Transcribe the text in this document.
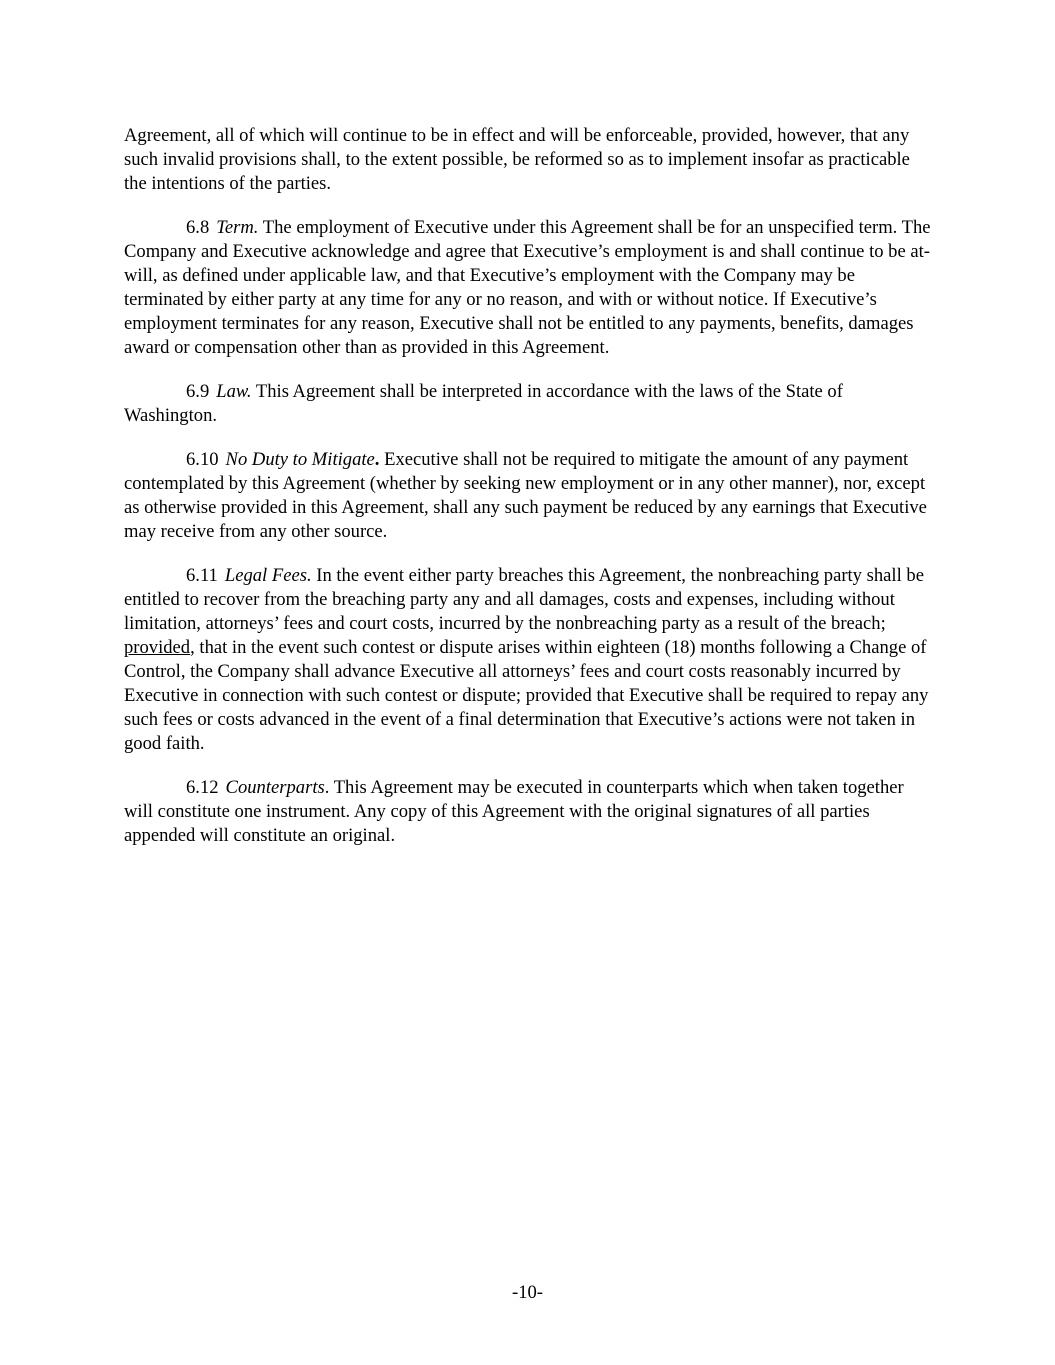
Agreement, all of which will continue to be in effect and will be enforceable, provided, however, that any such invalid provisions shall, to the extent possible, be reformed so as to implement insofar as practicable the intentions of the parties.

6.8 Term. The employment of Executive under this Agreement shall be for an unspecified term. The Company and Executive acknowledge and agree that Executive’s employment is and shall continue to be at-will, as defined under applicable law, and that Executive’s employment with the Company may be terminated by either party at any time for any or no reason, and with or without notice. If Executive’s employment terminates for any reason, Executive shall not be entitled to any payments, benefits, damages award or compensation other than as provided in this Agreement.

6.9 Law. This Agreement shall be interpreted in accordance with the laws of the State of Washington.

6.10 No Duty to Mitigate. Executive shall not be required to mitigate the amount of any payment contemplated by this Agreement (whether by seeking new employment or in any other manner), nor, except as otherwise provided in this Agreement, shall any such payment be reduced by any earnings that Executive may receive from any other source.

6.11 Legal Fees. In the event either party breaches this Agreement, the nonbreaching party shall be entitled to recover from the breaching party any and all damages, costs and expenses, including without limitation, attorneys’ fees and court costs, incurred by the nonbreaching party as a result of the breach; provided, that in the event such contest or dispute arises within eighteen (18) months following a Change of Control, the Company shall advance Executive all attorneys’ fees and court costs reasonably incurred by Executive in connection with such contest or dispute; provided that Executive shall be required to repay any such fees or costs advanced in the event of a final determination that Executive’s actions were not taken in good faith.

6.12 Counterparts. This Agreement may be executed in counterparts which when taken together will constitute one instrument. Any copy of this Agreement with the original signatures of all parties appended will constitute an original.

-10-
